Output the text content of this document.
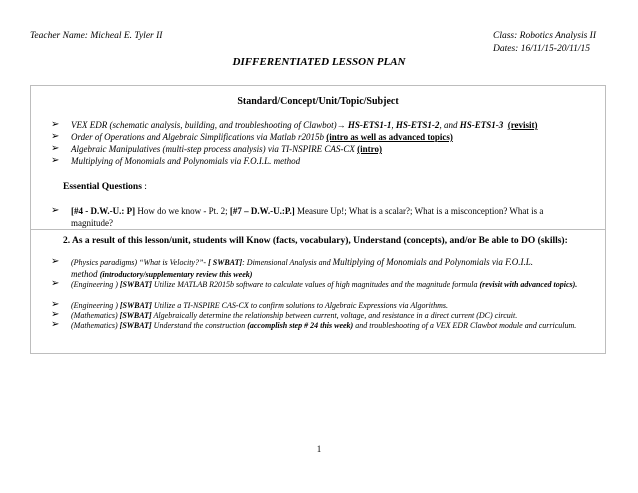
Teacher Name: Micheal E. Tyler II	Class: Robotics Analysis II
Dates: 16/11/15-20/11/15
DIFFERENTIATED LESSON PLAN
Standard/Concept/Unit/Topic/Subject
➢ VEX EDR (schematic analysis, building, and troubleshooting of Clawbot)→ HS-ETS1-1, HS-ETS1-2, and HS-ETS1-3 (revisit)
➢ Order of Operations and Algebraic Simplifications via Matlab r2015b (intro as well as advanced topics)
➢ Algebraic Manipulatives (multi-step process analysis) via TI-NSPIRE CAS-CX (intro)
➢ Multiplying of Monomials and Polynomials via F.O.I.L. method
Essential Questions :
➢ [#4 - D.W.-U.: P] How do we know - Pt. 2; [#7 – D.W.-U.:P.] Measure Up!; What is a scalar?; What is a misconception? What is a
magnitude?
2. As a result of this lesson/unit, students will Know (facts, vocabulary), Understand (concepts), and/or Be able to DO (skills):
➢ (Physics paradigms) “What is Velocity?”- [ SWBAT]: Dimensional Analysis and Multiplying of Monomials and Polynomials via F.O.I.L.
method (introductory/supplementary review this week)
➢ (Engineering ) [SWBAT] Utilize MATLAB R2015b software to calculate values of high magnitudes and the magnitude formula (revisit with advanced topics).
➢ (Engineering ) [SWBAT] Utilize a TI-NSPIRE CAS-CX to confirm solutions to Algebraic Expressions via Algorithms.
➢ (Mathematics) [SWBAT] Algebraically determine the relationship between current, voltage, and resistance in a direct current (DC) circuit.
➢ (Mathematics) [SWBAT] Understand the construction (accomplish step # 24 this week) and troubleshooting of a VEX EDR Clawbot module and curriculum.
1
